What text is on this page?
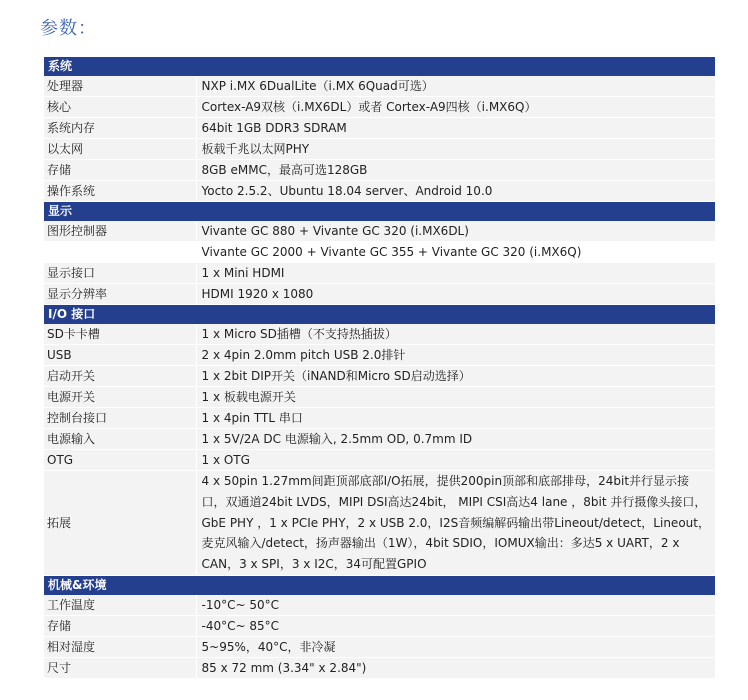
参数：
系统	
处理器	NXP i.MX 6DualLite（i.MX 6Quad可选）
核心	Cortex-A9双核（i.MX6DL）或者 Cortex-A9四核（i.MX6Q）
系统内存	64bit 1GB DDR3 SDRAM
以太网	板载千兆以太网PHY
存储	8GB eMMC，最高可选128GB
操作系统	Yocto 2.5.2、Ubuntu 18.04 server、Android 10.0
显示	
图形控制器	Vivante GC 880 + Vivante GC 320 (i.MX6DL)
	Vivante GC 2000 + Vivante GC 355 + Vivante GC 320 (i.MX6Q)
显示接口	1 x Mini HDMI
显示分辨率	HDMI 1920 x 1080
I/O 接口	
SD卡卡槽	1 x Micro SD插槽（不支持热插拔）
USB	2 x 4pin 2.0mm pitch USB 2.0排针
启动开关	1 x 2bit DIP开关（iNAND和Micro SD启动选择）
电源开关	1 x 板载电源开关
控制台接口	1 x 4pin TTL 串口
电源输入	1 x 5V/2A DC 电源输入, 2.5mm OD, 0.7mm ID
OTG	1 x OTG
拓展	4 x 50pin 1.27mm间距顶部底部I/O拓展，提供200pin顶部和底部排母，24bit并行显示接口，双通道24bit LVDS，MIPI DSI高达24bit， MIPI CSI高达4 lane ，8bit 并行摄像头接口， GbE PHY ，1 x PCIe PHY，2 x USB 2.0，I2S音频编解码输出带Lineout/detect，Lineout， 麦克风输入/detect，扬声器输出（1W），4bit SDIO，IOMUX输出：多达5 x UART，2 x CAN，3 x SPI，3 x I2C，34可配置GPIO
机械&环境	
工作温度	-10°C~ 50°C
存储	-40°C~ 85°C
相对湿度	5~95%，40°C，非冷凝
尺寸	85 x 72 mm (3.34" x 2.84")
